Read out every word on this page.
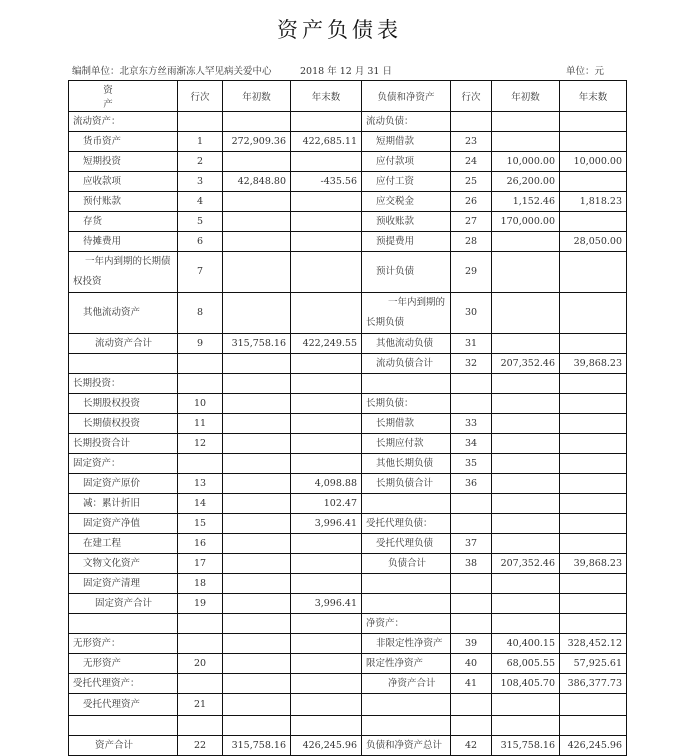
资产负债表
编制单位：北京东方丝雨渐冻人罕见病关爱中心	2018 年 12 月 31 日	单位：元
资　产	行次	年初数	年末数	负债和净资产	行次	年初数	年末数
流动资产：				流动负债：			
货币资产	1	272,909.36	422,685.11	短期借款	23		
短期投资	2			应付款项	24	10,000.00	10,000.00
应收款项	3	42,848.80	-435.56	应付工资	25	26,200.00	
预付账款	4			应交税金	26	1,152.46	1,818.23
存货	5			预收账款	27	170,000.00	
待摊费用	6			预提费用	28		28,050.00
一年内到期的长期债权投资	7			预计负债	29		
其他流动资产	8			一年内到期的长期负债	30		
流动资产合计	9	315,758.16	422,249.55	其他流动负债	31		
				流动负债合计	32	207,352.46	39,868.23
长期投资：							
长期股权投资	10			长期负债：			
长期债权投资	11			长期借款	33		
长期投资合计	12			长期应付款	34		
固定资产：				其他长期负债	35		
固定资产原价	13		4,098.88	长期负债合计	36		
减：累计折旧	14		102.47				
固定资产净值	15		3,996.41	受托代理负债：			
在建工程	16			受托代理负债	37		
文物文化资产	17			负债合计	38	207,352.46	39,868.23
固定资产清理	18						
固定资产合计	19		3,996.41				
				净资产：			
无形资产：				非限定性净资产	39	40,400.15	328,452.12
无形资产	20			限定性净资产	40	68,005.55	57,925.61
受托代理资产：				净资产合计	41	108,405.70	386,377.73
受托代理资产	21						

资产合计	22	315,758.16	426,245.96	负债和净资产总计	42	315,758.16	426,245.96
